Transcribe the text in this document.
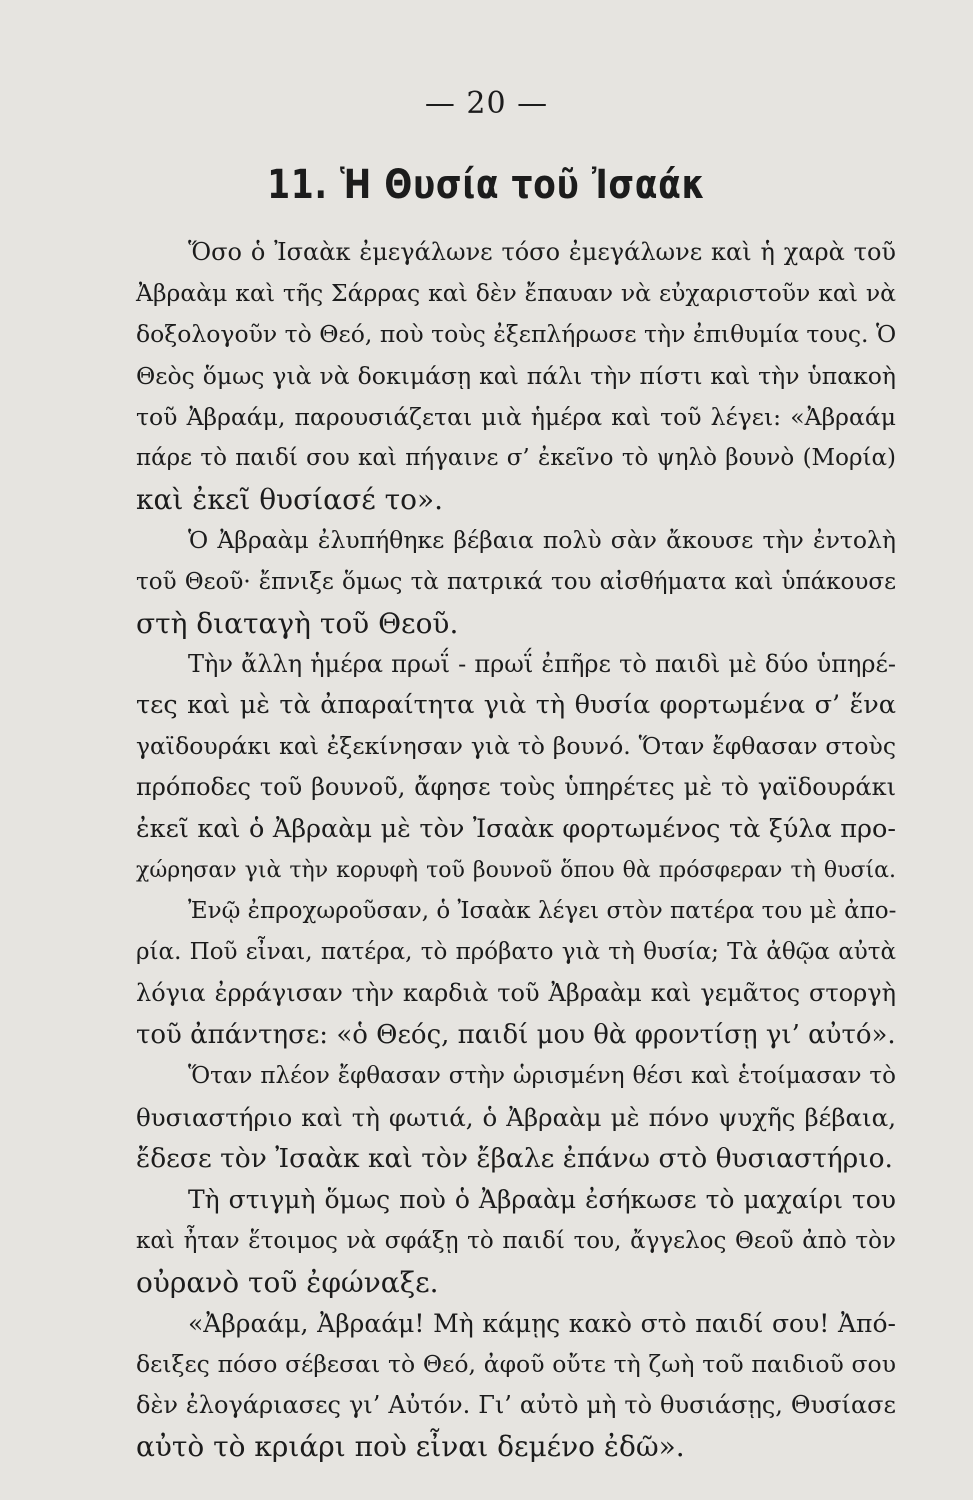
— 20 —
11. Ἡ Θυσία τοῦ Ἰσαάκ
Ὅσο ὁ Ἰσαὰκ ἐμεγάλωνε τόσο ἐμεγάλωνε καὶ ἡ χαρὰ τοῦ
Ἀβραὰμ καὶ τῆς Σάρρας καὶ δὲν ἔπαυαν νὰ εὐχαριστοῦν καὶ νὰ
δοξολογοῦν τὸ Θεό, ποὺ τοὺς ἐξεπλήρωσε τὴν ἐπιθυμία τους. Ὁ
Θεὸς ὅμως γιὰ νὰ δοκιμάσῃ καὶ πάλι τὴν πίστι καὶ τὴν ὑπακοὴ
τοῦ Ἀβραάμ, παρουσιάζεται μιὰ ἡμέρα καὶ τοῦ λέγει: «Ἀβραάμ
πάρε τὸ παιδί σου καὶ πήγαινε σ’ ἐκεῖνο τὸ ψηλὸ βουνὸ (Μορία)
καὶ ἐκεῖ θυσίασέ το».
Ὁ Ἀβραὰμ ἐλυπήθηκε βέβαια πολὺ σὰν ἄκουσε τὴν ἐντολὴ
τοῦ Θεοῦ· ἔπνιξε ὅμως τὰ πατρικά του αἰσθήματα καὶ ὑπάκουσε
στὴ διαταγὴ τοῦ Θεοῦ.
Τὴν ἄλλη ἡμέρα πρωΐ - πρωΐ ἐπῆρε τὸ παιδὶ μὲ δύο ὑπηρέ-
τες καὶ μὲ τὰ ἀπαραίτητα γιὰ τὴ θυσία φορτωμένα σ’ ἕνα
γαϊδουράκι καὶ ἐξεκίνησαν γιὰ τὸ βουνό. Ὅταν ἔφθασαν στοὺς
πρόποδες τοῦ βουνοῦ, ἄφησε τοὺς ὑπηρέτες μὲ τὸ γαϊδουράκι
ἐκεῖ καὶ ὁ Ἀβραὰμ μὲ τὸν Ἰσαὰκ φορτωμένος τὰ ξύλα προ-
χώρησαν γιὰ τὴν κορυφὴ τοῦ βουνοῦ ὅπου θὰ πρόσφεραν τὴ θυσία.
Ἐνῷ ἐπροχωροῦσαν, ὁ Ἰσαὰκ λέγει στὸν πατέρα του μὲ ἀπο-
ρία. Ποῦ εἶναι, πατέρα, τὸ πρόβατο γιὰ τὴ θυσία; Τὰ ἀθῷα αὐτὰ
λόγια ἐρράγισαν τὴν καρδιὰ τοῦ Ἀβραὰμ καὶ γεμᾶτος στοργὴ
τοῦ ἀπάντησε: «ὁ Θεός, παιδί μου θὰ φροντίσῃ γι’ αὐτό».
Ὅταν πλέον ἔφθασαν στὴν ὡρισμένη θέσι καὶ ἑτοίμασαν τὸ
θυσιαστήριο καὶ τὴ φωτιά, ὁ Ἀβραὰμ μὲ πόνο ψυχῆς βέβαια,
ἔδεσε τὸν Ἰσαὰκ καὶ τὸν ἔβαλε ἐπάνω στὸ θυσιαστήριο.
Τὴ στιγμὴ ὅμως ποὺ ὁ Ἀβραὰμ ἐσήκωσε τὸ μαχαίρι του
καὶ ἦταν ἕτοιμος νὰ σφάξῃ τὸ παιδί του, ἄγγελος Θεοῦ ἀπὸ τὸν
οὐρανὸ τοῦ ἐφώναξε.
«Ἀβραάμ, Ἀβραάμ! Μὴ κάμῃς κακὸ στὸ παιδί σου! Ἀπό-
δειξες πόσο σέβεσαι τὸ Θεό, ἀφοῦ οὔτε τὴ ζωὴ τοῦ παιδιοῦ σου
δὲν ἐλογάριασες γι’ Αὐτόν. Γι’ αὐτὸ μὴ τὸ θυσιάσῃς, Θυσίασε
αὐτὸ τὸ κριάρι ποὺ εἶναι δεμένο ἐδῶ».
